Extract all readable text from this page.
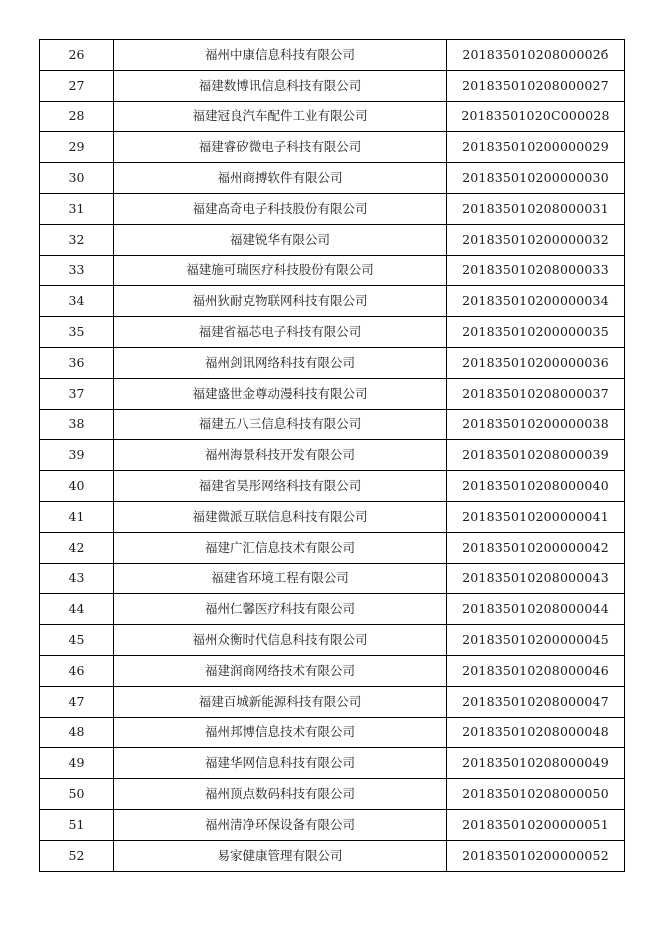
26	福州中康信息科技有限公司	20183501020800002б
27	福建数博讯信息科技有限公司	201835010208000027
28	福建冠良汽车配件工业有限公司	20183501020C000028
29	福建睿矽微电子科技有限公司	201835010200000029
30	福州商搏软件有限公司	201835010200000030
31	福建高奇电子科技股份有限公司	201835010208000031
32	福建锐华有限公司	201835010200000032
33	福建施可瑞医疗科技股份有限公司	201835010208000033
34	福州狄耐克物联网科技有限公司	201835010200000034
35	福建省福芯电子科技有限公司	201835010200000035
36	福州剑讯网络科技有限公司	201835010200000036
37	福建盛世金尊动漫科技有限公司	201835010208000037
38	福建五八三信息科技有限公司	201835010200000038
39	福州海景科技开发有限公司	201835010208000039
40	福建省昊彤网络科技有限公司	201835010208000040
41	福建微派互联信息科技有限公司	201835010200000041
42	福建广汇信息技术有限公司	201835010200000042
43	福建省环境工程有限公司	201835010208000043
44	福州仁馨医疗科技有限公司	201835010208000044
45	福州众衡时代信息科技有限公司	201835010200000045
46	福建润商网络技术有限公司	201835010208000046
47	福建百城新能源科技有限公司	201835010208000047
48	福州邦博信息技术有限公司	201835010208000048
49	福建华网信息科技有限公司	201835010208000049
50	福州顶点数码科技有限公司	201835010208000050
51	福州清净环保设备有限公司	201835010200000051
52	易家健康管理有限公司	201835010200000052
